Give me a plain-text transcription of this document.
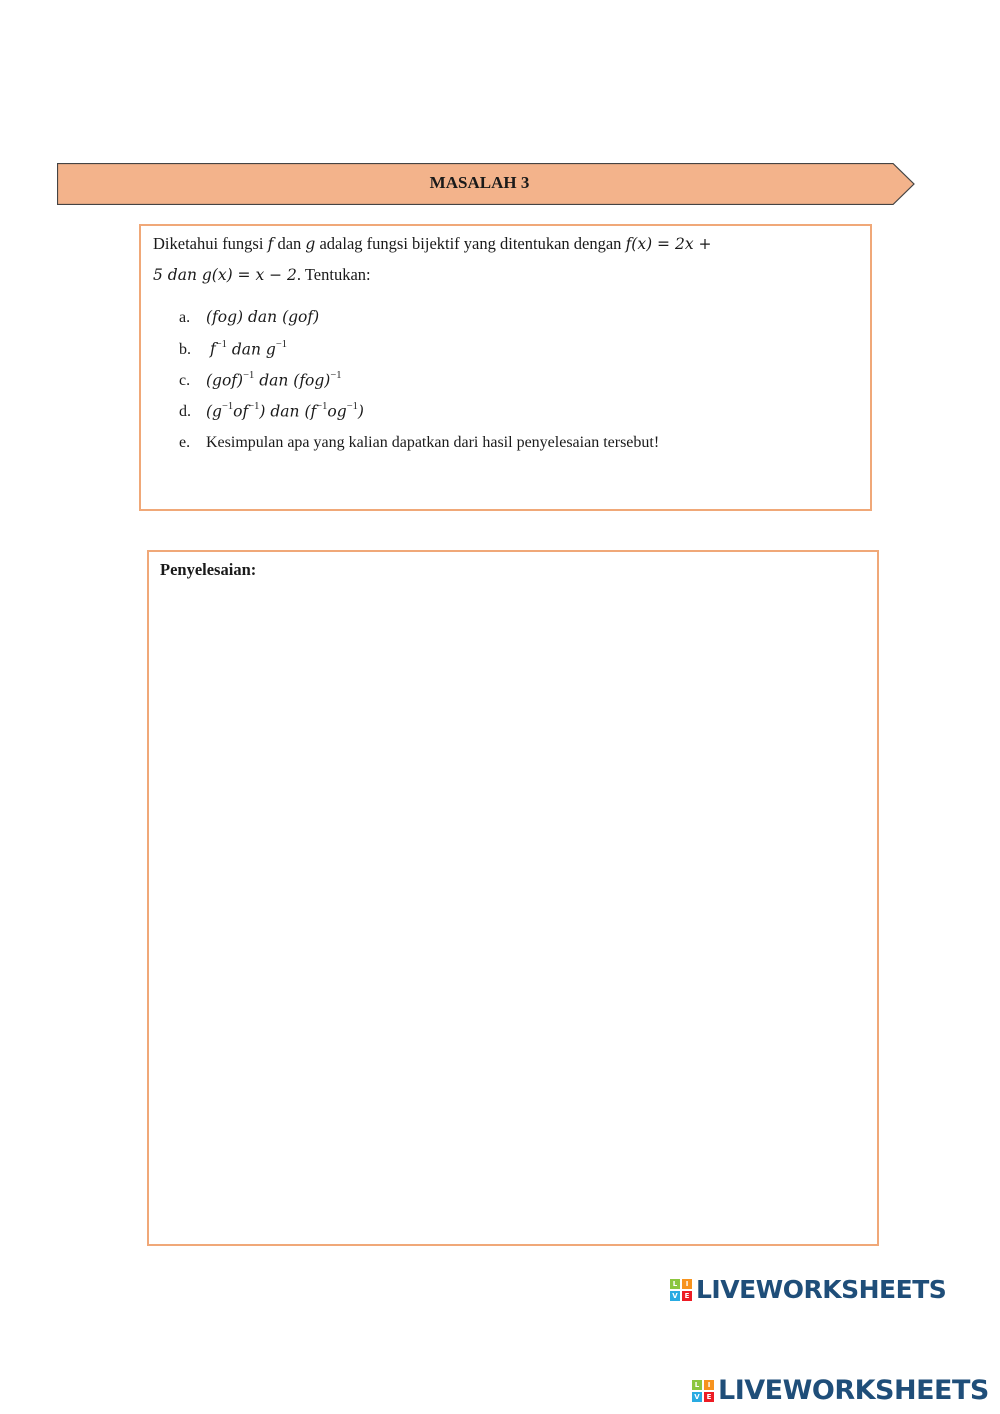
MASALAH 3
Diketahui fungsi f dan g adalag fungsi bijektif yang ditentukan dengan f(x) = 2x +
5 dan g(x) = x − 2. Tentukan:
a. (fog) dan (gof)
b. $f^{-1}$ dan $g^{-1}$
c. (gof)$^{-1}$ dan (fog)$^{-1}$
d. $(g^{-1}of^{-1})$ dan $(f^{-1}og^{-1})$
e. Kesimpulan apa yang kalian dapatkan dari hasil penyelesaian tersebut!
Penyelesaian:
L	I
V E LIVEWORKSHEETS
L	I
V E LIVEWORKSHEETS
